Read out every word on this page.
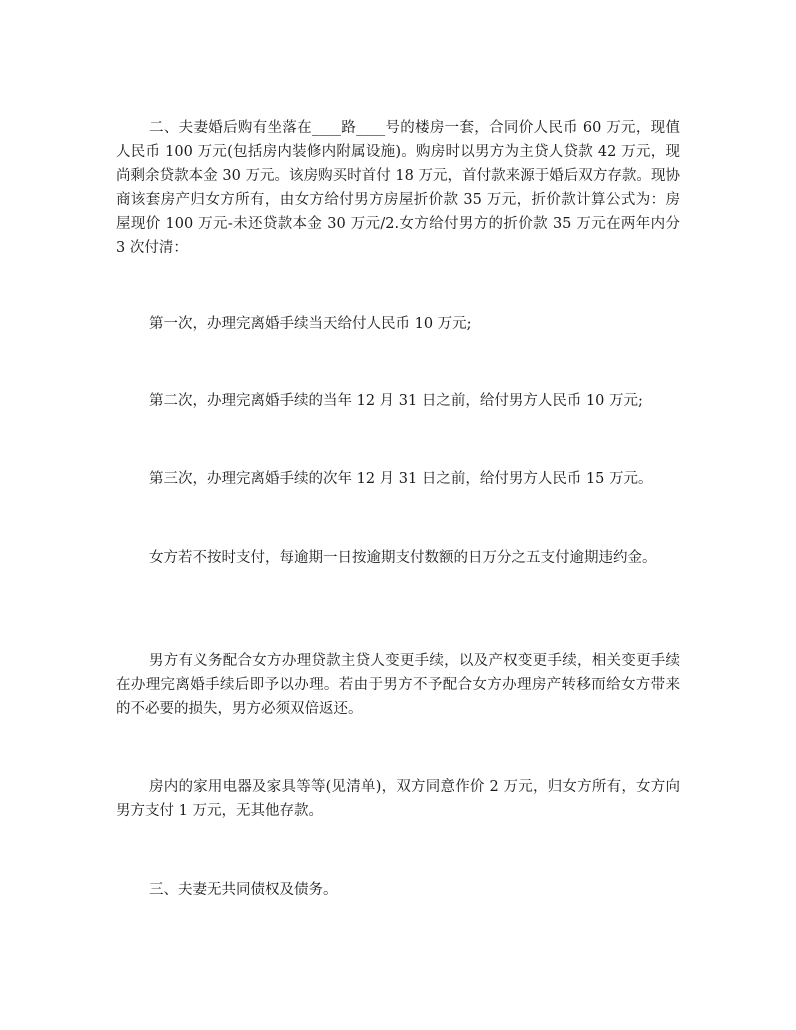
二、夫妻婚后购有坐落在____路____号的楼房一套，合同价人民币 60 万元，现值人民币 100 万元(包括房内装修内附属设施)。购房时以男方为主贷人贷款 42 万元，现尚剩余贷款本金 30 万元。该房购买时首付 18 万元，首付款来源于婚后双方存款。现协商该套房产归女方所有，由女方给付男方房屋折价款 35 万元，折价款计算公式为：房屋现价 100 万元-未还贷款本金 30 万元/2.女方给付男方的折价款 35 万元在两年内分 3 次付清：

第一次，办理完离婚手续当天给付人民币 10 万元;

第二次，办理完离婚手续的当年 12 月 31 日之前，给付男方人民币 10 万元;

第三次，办理完离婚手续的次年 12 月 31 日之前，给付男方人民币 15 万元。

女方若不按时支付，每逾期一日按逾期支付数额的日万分之五支付逾期违约金。

男方有义务配合女方办理贷款主贷人变更手续，以及产权变更手续，相关变更手续在办理完离婚手续后即予以办理。若由于男方不予配合女方办理房产转移而给女方带来的不必要的损失，男方必须双倍返还。

房内的家用电器及家具等等(见清单)，双方同意作价 2 万元，归女方所有，女方向男方支付 1 万元，无其他存款。

三、夫妻无共同债权及债务。
